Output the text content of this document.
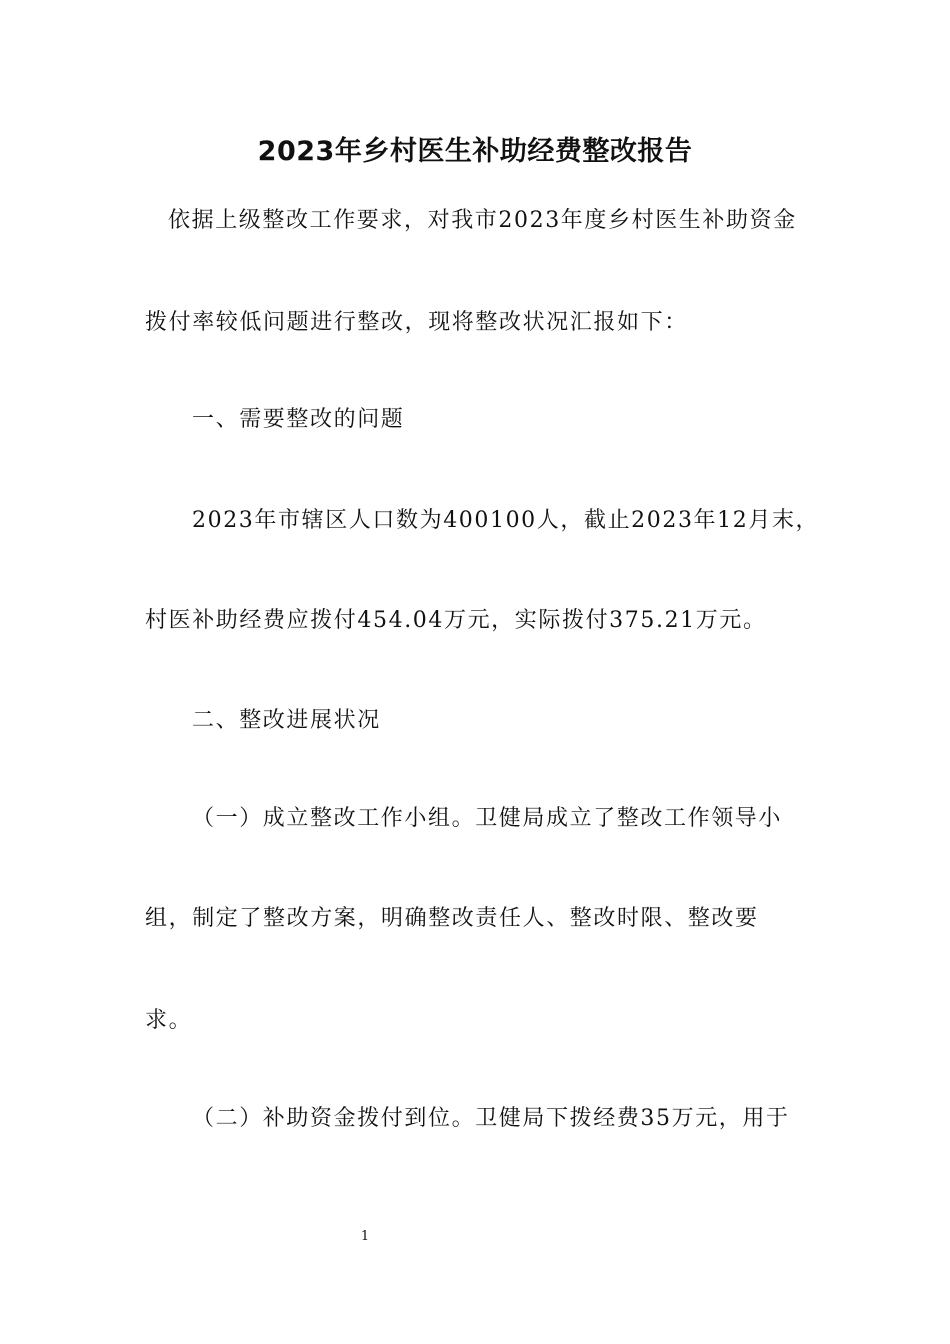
2023年乡村医生补助经费整改报告
依据上级整改工作要求，对我市2023年度乡村医生补助资金
拨付率较低问题进行整改，现将整改状况汇报如下：
一、需要整改的问题
2023年市辖区人口数为400100人，截止2023年12月末，
村医补助经费应拨付454.04万元，实际拨付375.21万元。
二、整改进展状况
（一）成立整改工作小组。卫健局成立了整改工作领导小
组，制定了整改方案，明确整改责任人、整改时限、整改要
求。
（二）补助资金拨付到位。卫健局下拨经费35万元，用于
1
